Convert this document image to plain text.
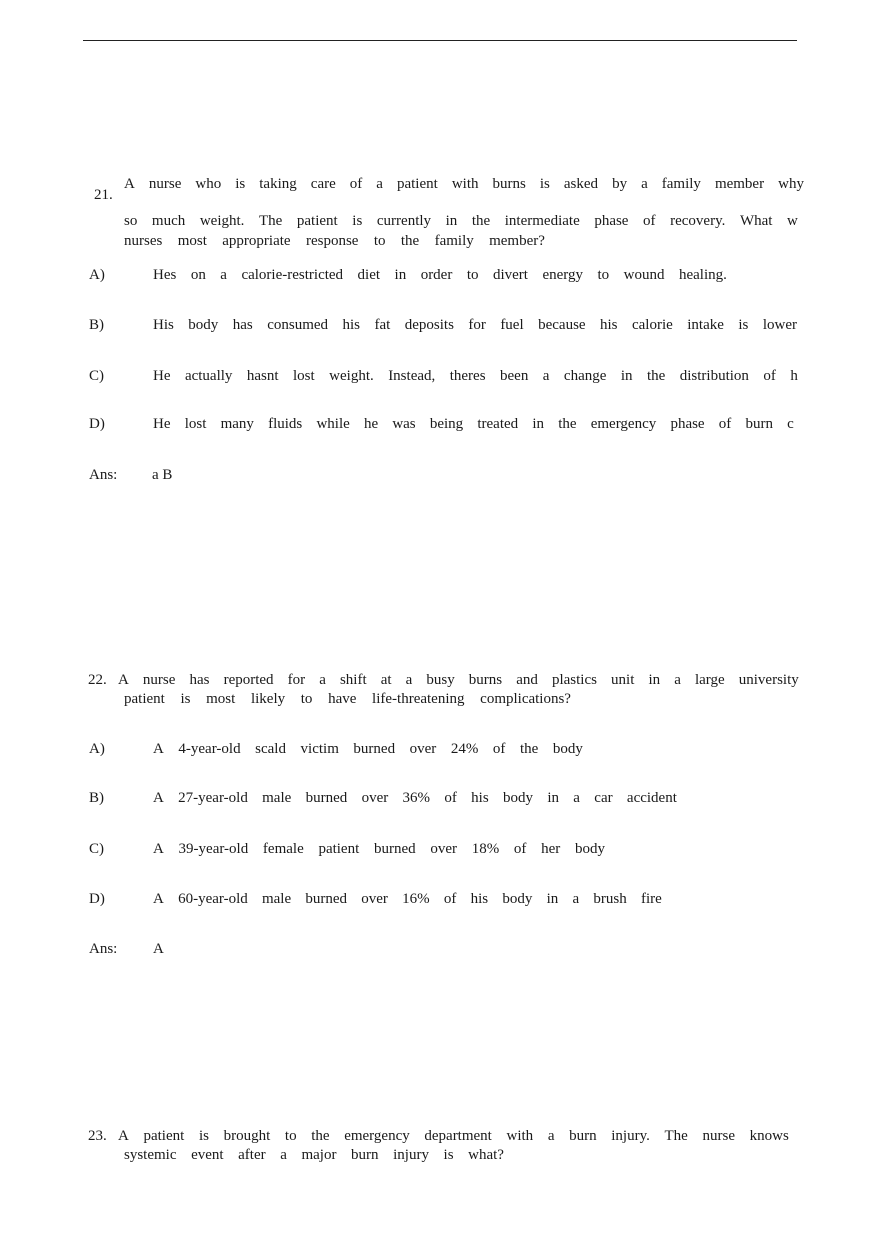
21.
A nurse who is taking care of a patient with burns is asked by a family member why
so much weight. The patient is currently in the intermediate phase of recovery. What w
nurses most appropriate response to the family member?
A)	Hes on a calorie-restricted diet in order to divert energy to wound healing.
B)	His body has consumed his fat deposits for fuel because his calorie intake is lower
C)	He actually hasnt lost weight. Instead, theres been a change in the distribution of h
D)	He lost many fluids while he was being treated in the emergency phase of burn c
Ans: a B
22. A nurse has reported for a shift at a busy burns and plastics unit in a large university
patient is most likely to have life-threatening complications?
A)	A 4-year-old scald victim burned over 24% of the body
B)	A 27-year-old male burned over 36% of his body in a car accident
C)	A 39-year-old female patient burned over 18% of her body
D)	A 60-year-old male burned over 16% of his body in a brush fire
Ans: A
23. A patient is brought to the emergency department with a burn injury. The nurse knows
systemic event after a major burn injury is what?
